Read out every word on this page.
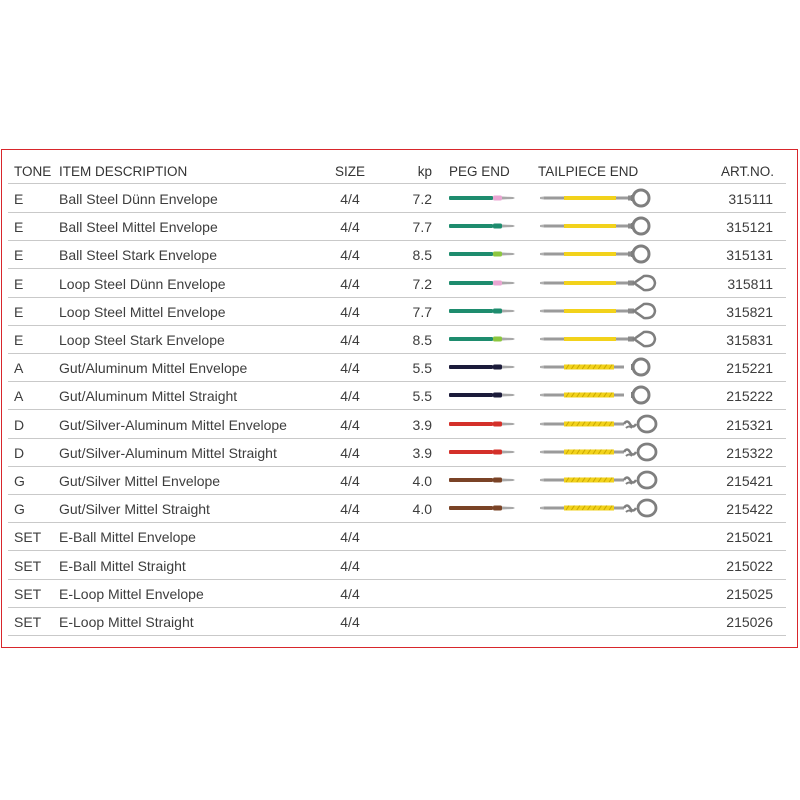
TONE ITEM DESCRIPTION	SIZE	kp PEG END TAILPIECE END	ART.NO.
E	Ball Steel Dünn Envelope	4/4	7.2	315111
E	Ball Steel Mittel Envelope	4/4	7.7	315121
E	Ball Steel Stark Envelope	4/4	8.5	315131
E	Loop Steel Dünn Envelope	4/4	7.2	315811
E	Loop Steel Mittel Envelope	4/4	7.7	315821
E	Loop Steel Stark Envelope	4/4	8.5	315831
A	Gut/Aluminum Mittel Envelope	4/4	5.5	215221
A	Gut/Aluminum Mittel Straight	4/4	5.5	215222
D Gut/Silver-Aluminum Mittel Envelope	4/4	3.9	215321
D Gut/Silver-Aluminum Mittel Straight	4/4	3.9	215322
G Gut/Silver Mittel Envelope	4/4	4.0	215421
G Gut/Silver Mittel Straight	4/4	4.0	215422
SET E-Ball Mittel Envelope	4/4	215021
SET E-Ball Mittel Straight	4/4	215022
SET E-Loop Mittel Envelope	4/4	215025
SET E-Loop Mittel Straight	4/4	215026
